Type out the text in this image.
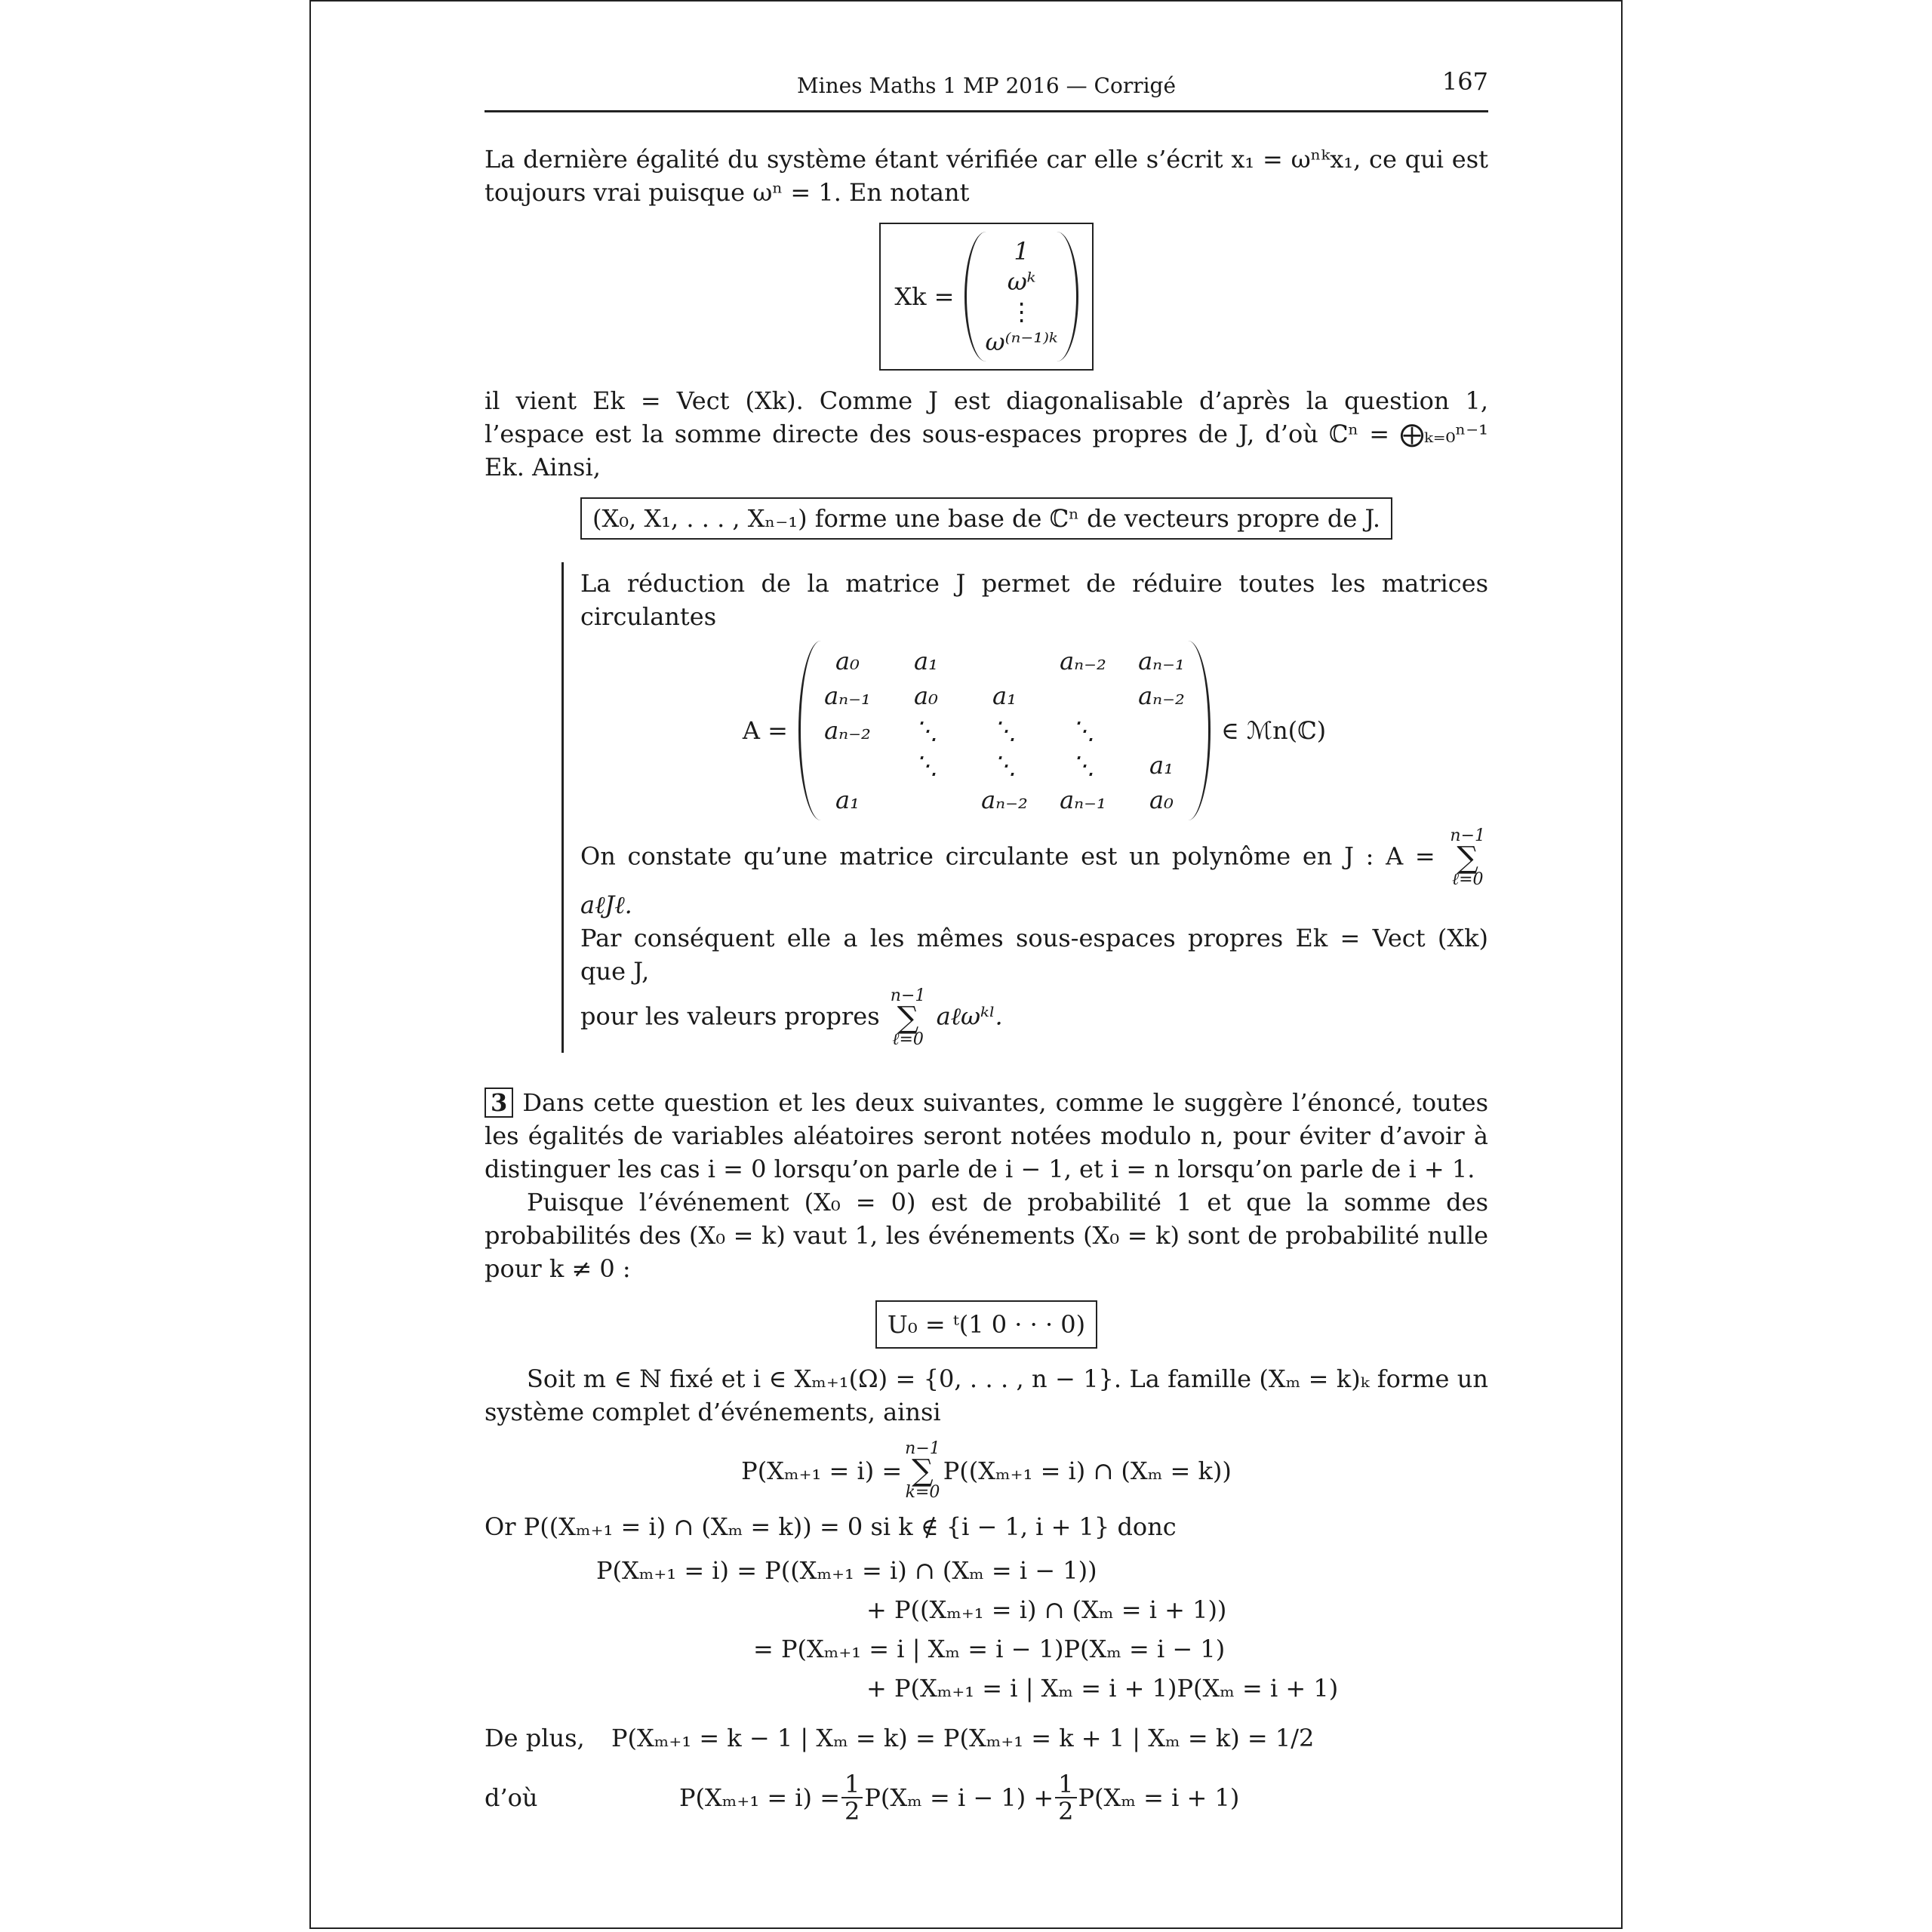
Mines Maths 1 MP 2016 — Corrigé	167

La dernière égalité du système étant vérifiée car elle s’écrit x₁ = ωⁿᵏx₁, ce qui est toujours vrai puisque ωⁿ = 1. En notant

Xk =
1
ωᵏ
⋮
ω⁽ⁿ⁻¹⁾ᵏ

il vient Ek = Vect (Xk). Comme J est diagonalisable d’après la question 1, l’espace est la somme directe des sous-espaces propres de J, d’où ℂⁿ = ⨁ₖ₌₀ⁿ⁻¹ Ek. Ainsi,

(X₀, X₁, . . . , Xₙ₋₁) forme une base de ℂⁿ de vecteurs propre de J.

La réduction de la matrice J permet de réduire toutes les matrices circulantes

A =
a₀	a₁		aₙ₋₂	aₙ₋₁
aₙ₋₁	a₀	a₁		aₙ₋₂
aₙ₋₂	⋱	⋱	⋱	
	⋱	⋱	⋱	a₁
a₁		aₙ₋₂	aₙ₋₁	a₀
∈ ℳn(ℂ)

On constate qu’une matrice circulante est un polynôme en J : A =
n−1
∑
ℓ=0
aℓJℓ.

Par conséquent elle a les mêmes sous-espaces propres Ek = Vect (Xk) que J,

pour les valeurs propres
n−1
∑
ℓ=0
aℓωᵏˡ.

3 Dans cette question et les deux suivantes, comme le suggère l’énoncé, toutes les égalités de variables aléatoires seront notées modulo n, pour éviter d’avoir à distinguer les cas i = 0 lorsqu’on parle de i − 1, et i = n lorsqu’on parle de i + 1.

Puisque l’événement (X₀ = 0) est de probabilité 1 et que la somme des probabilités des (X₀ = k) vaut 1, les événements (X₀ = k) sont de probabilité nulle pour k ≠ 0 :

U₀ = ᵗ(1 0 · · · 0)

Soit m ∈ ℕ fixé et i ∈ Xₘ₊₁(Ω) = {0, . . . , n − 1}. La famille (Xₘ = k)ₖ forme un système complet d’événements, ainsi

P(Xₘ₊₁ = i) =
n−1
∑
k=0
P((Xₘ₊₁ = i) ∩ (Xₘ = k))

Or P((Xₘ₊₁ = i) ∩ (Xₘ = k)) = 0 si k ∉ {i − 1, i + 1} donc

P(Xₘ₊₁ = i) = P((Xₘ₊₁ = i) ∩ (Xₘ = i − 1))
+ P((Xₘ₊₁ = i) ∩ (Xₘ = i + 1))
= P(Xₘ₊₁ = i | Xₘ = i − 1)P(Xₘ = i − 1)
+ P(Xₘ₊₁ = i | Xₘ = i + 1)P(Xₘ = i + 1)
De plus,	P(Xₘ₊₁ = k − 1 | Xₘ = k) = P(Xₘ₊₁ = k + 1 | Xₘ = k) = 1/2
d’où	$P(X_{m+1} = i) = \frac{1}{2} P(X_m = i - 1) + \frac{1}{2} P(X_m = i + 1)$
